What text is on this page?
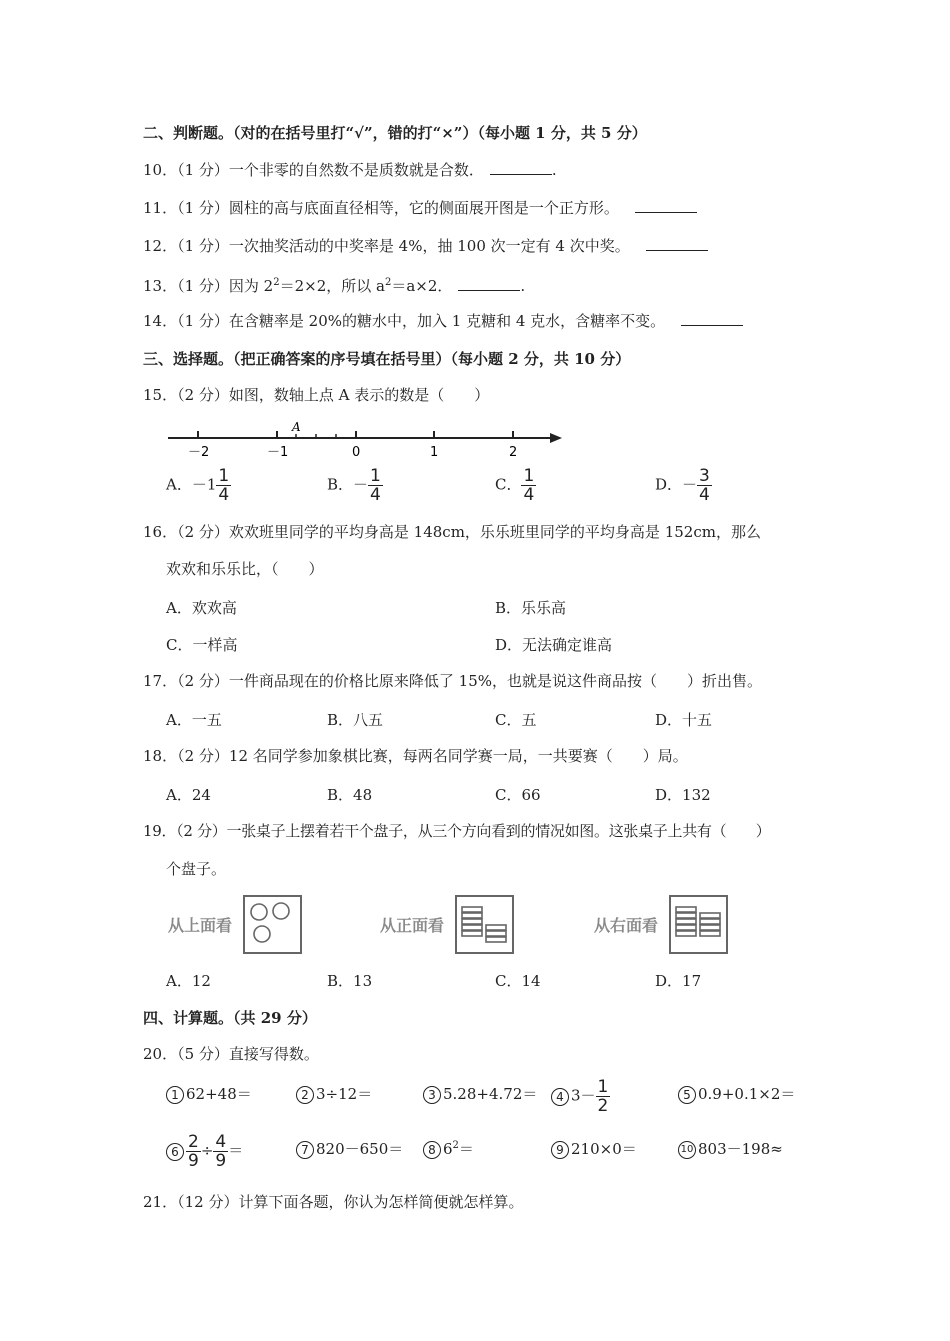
二、判断题。（对的在括号里打“√”，错的打“×”）（每小题 1 分，共 5 分）
10．（1 分）一个非零的自然数不是质数就是合数．	.
11．（1 分）圆柱的高与底面直径相等，它的侧面展开图是一个正方形。
12．（1 分）一次抽奖活动的中奖率是 4%，抽 100 次一定有 4 次中奖。
13．（1 分）因为 $2^2=2\times 2$，所以 $a^2=a\times 2$．	.
14．（1 分）在含糖率是 20%的糖水中，加入 1 克糖和 4 克水，含糖率不变。
三、选择题。（把正确答案的序号填在括号里）（每小题 2 分，共 10 分）
15．（2 分）如图，数轴上点 A 表示的数是（　　）
A
－2	－1	0	1	2
A．$-1 \frac{1}{4}$	B．－ $\frac{1}{4}$	C． $\frac{1}{4}$	D．－ $\frac{3}{4}$
16．（2 分）欢欢班里同学的平均身高是 148cm，乐乐班里同学的平均身高是 152cm，那么
欢欢和乐乐比，（　　）
A．欢欢高	B．乐乐高
C．一样高	D．无法确定谁高
17．（2 分）一件商品现在的价格比原来降低了 15%，也就是说这件商品按（　　）折出售。
A．一五	B．八五	C．五	D．十五
18．（2 分）12 名同学参加象棋比赛，每两名同学赛一局，一共要赛（　　）局。
A．24	B．48	C．66	D．132
19．（2 分）一张桌子上摆着若干个盘子，从三个方向看到的情况如图。这张桌子上共有（　　）
个盘子。
从上面看	从正面看	从右面看
A．12	B．13	C．14	D．17
四、计算题。（共 29 分）
20．（5 分）直接写得数。
1 62+48＝	2 3÷12＝	3 5.28+4.72＝	4 $3- \frac{1}{2}$	5 0.9+0.1×2＝
$6 \frac{2}{9} \div \frac{4}{9}$ ＝	7 820－650＝	8 $6^2=$	9 210×0＝	10 803－198≈
21．（12 分）计算下面各题，你认为怎样简便就怎样算。
